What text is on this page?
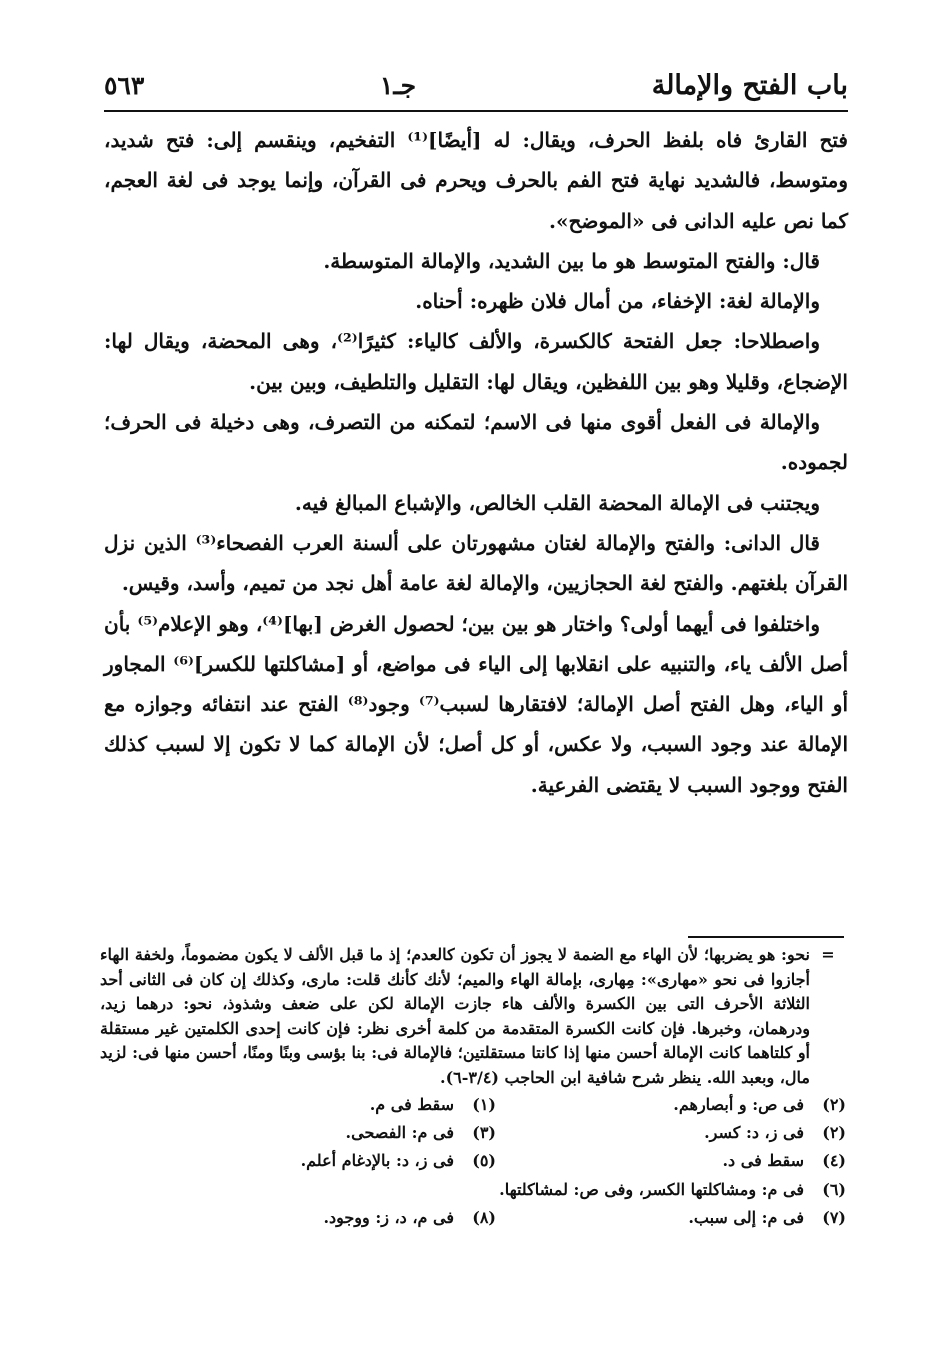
باب الفتح والإمالة
جـ١
٥٦٣

فتح القارئ فاه بلفظ الحرف، ويقال: له [أيضًا]⁽¹⁾ التفخيم، وينقسم إلى: فتح شديد، ومتوسط، فالشديد نهاية فتح الفم بالحرف ويحرم فى القرآن، وإنما يوجد فى لغة العجم، كما نص عليه الدانى فى «الموضح».

قال: والفتح المتوسط هو ما بين الشديد، والإمالة المتوسطة.

والإمالة لغة: الإخفاء، من أمال فلان ظهره: أحناه.

واصطلاحا: جعل الفتحة كالكسرة، والألف كالياء: كثيرًا⁽²⁾، وهى المحضة، ويقال لها: الإضجاع، وقليلا وهو بين اللفظين، ويقال لها: التقليل والتلطيف، وبين بين.

والإمالة فى الفعل أقوى منها فى الاسم؛ لتمكنه من التصرف، وهى دخيلة فى الحرف؛ لجموده.

ويجتنب فى الإمالة المحضة القلب الخالص، والإشباع المبالغ فيه.

قال الدانى: والفتح والإمالة لغتان مشهورتان على ألسنة العرب الفصحاء⁽³⁾ الذين نزل القرآن بلغتهم. والفتح لغة الحجازيين، والإمالة لغة عامة أهل نجد من تميم، وأسد، وقيس.

واختلفوا فى أيهما أولى؟ واختار هو بين بين؛ لحصول الغرض [بها]⁽⁴⁾، وهو الإعلام⁽⁵⁾ بأن أصل الألف ياء، والتنبيه على انقلابها إلى الياء فى مواضع، أو [مشاكلتها للكسر]⁽⁶⁾ المجاور أو الياء، وهل الفتح أصل الإمالة؛ لافتقارها لسبب⁽⁷⁾ وجود⁽⁸⁾ الفتح عند انتفائه وجوازه مع الإمالة عند وجود السبب، ولا عكس، أو كل أصل؛ لأن الإمالة كما لا تكون إلا لسبب كذلك الفتح ووجود السبب لا يقتضى الفرعية.

=
نحو: هو يضربها؛ لأن الهاء مع الضمة لا يجوز أن تكون كالعدم؛ إذ ما قبل الألف لا يكون مضموماً، ولخفة الهاء أجازوا فى نحو «مهارى»: مِهارى، بإمالة الهاء والميم؛ لأنك كأنك قلت: مارى، وكذلك إن كان فى الثانى أحد الثلاثة الأحرف التى بين الكسرة والألف هاء جازت الإمالة لكن على ضعف وشذوذ، نحو: درهما زيد، ودرهمان، وخبرها. فإن كانت الكسرة المتقدمة من كلمة أخرى نظر: فإن كانت إحدى الكلمتين غير مستقلة أو كلتاهما كانت الإمالة أحسن منها إذا كانتا مستقلتين؛ فالإمالة فى: بنا بؤسى وبنًا ومنًا، أحسن منها فى: لزيد مال، وبعبد الله. ينظر شرح شافية ابن الحاجب (٣/٤-٦).
(٢)
فى ص: و أبصارهم.
(١)
سقط فى م.
(٢)
فى ز، د: كسر.
(٣)
فى م: الفصحى.
(٤)
سقط فى د.
(٥)
فى ز، د: بالإدغام أعلم.
(٦)
فى م: ومشاكلتها الكسر، وفى ص: لمشاكلتها.
(٧)
فى م: إلى سبب.
(٨)
فى م، د، ز: ووجود.
